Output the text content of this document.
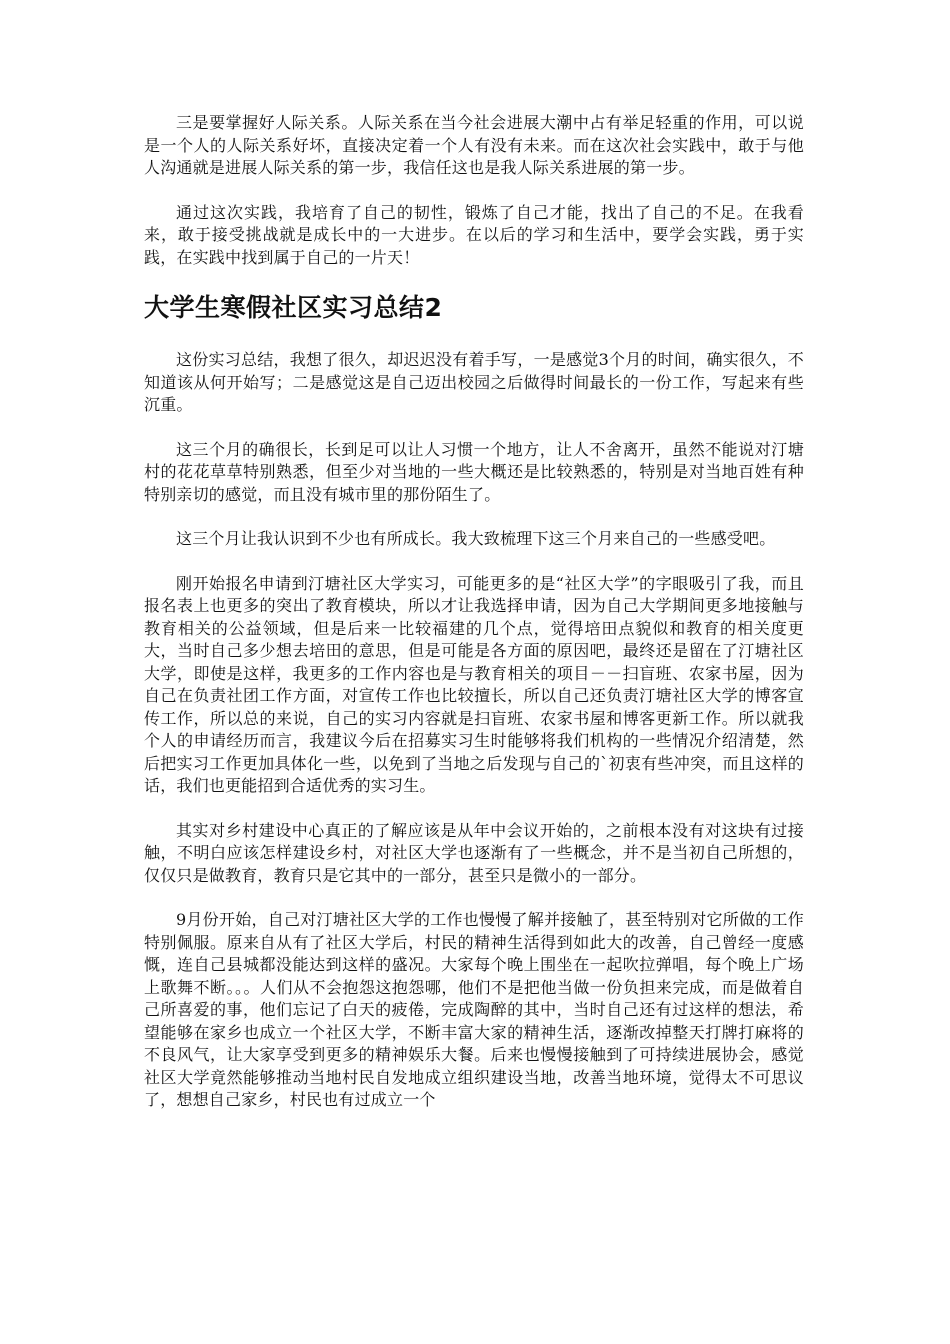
三是要掌握好人际关系。人际关系在当今社会进展大潮中占有举足轻重的作用，可以说是一个人的人际关系好坏，直接决定着一个人有没有未来。而在这次社会实践中，敢于与他人沟通就是进展人际关系的第一步，我信任这也是我人际关系进展的第一步。

通过这次实践，我培育了自己的韧性，锻炼了自己才能，找出了自己的不足。在我看来，敢于接受挑战就是成长中的一大进步。在以后的学习和生活中，要学会实践，勇于实践，在实践中找到属于自己的一片天！

大学生寒假社区实习总结2

这份实习总结，我想了很久，却迟迟没有着手写，一是感觉3个月的时间，确实很久，不知道该从何开始写；二是感觉这是自己迈出校园之后做得时间最长的一份工作，写起来有些沉重。

这三个月的确很长，长到足可以让人习惯一个地方，让人不舍离开，虽然不能说对汀塘村的花花草草特别熟悉，但至少对当地的一些大概还是比较熟悉的，特别是对当地百姓有种特别亲切的感觉，而且没有城市里的那份陌生了。

这三个月让我认识到不少也有所成长。我大致梳理下这三个月来自己的一些感受吧。

刚开始报名申请到汀塘社区大学实习，可能更多的是“社区大学”的字眼吸引了我，而且报名表上也更多的突出了教育模块，所以才让我选择申请，因为自己大学期间更多地接触与教育相关的公益领域，但是后来一比较福建的几个点，觉得培田点貌似和教育的相关度更大，当时自己多少想去培田的意思，但是可能是各方面的原因吧，最终还是留在了汀塘社区大学，即使是这样，我更多的工作内容也是与教育相关的项目－－扫盲班、农家书屋，因为自己在负责社团工作方面，对宣传工作也比较擅长，所以自己还负责汀塘社区大学的博客宣传工作，所以总的来说，自己的实习内容就是扫盲班、农家书屋和博客更新工作。所以就我个人的申请经历而言，我建议今后在招募实习生时能够将我们机构的一些情况介绍清楚，然后把实习工作更加具体化一些，以免到了当地之后发现与自己的`初衷有些冲突，而且这样的话，我们也更能招到合适优秀的实习生。

其实对乡村建设中心真正的了解应该是从年中会议开始的，之前根本没有对这块有过接触，不明白应该怎样建设乡村，对社区大学也逐渐有了一些概念，并不是当初自己所想的，仅仅只是做教育，教育只是它其中的一部分，甚至只是微小的一部分。

9月份开始，自己对汀塘社区大学的工作也慢慢了解并接触了，甚至特别对它所做的工作特别佩服。原来自从有了社区大学后，村民的精神生活得到如此大的改善，自己曾经一度感慨，连自己县城都没能达到这样的盛况。大家每个晚上围坐在一起吹拉弹唱，每个晚上广场上歌舞不断。。。人们从不会抱怨这抱怨哪，他们不是把他当做一份负担来完成，而是做着自己所喜爱的事，他们忘记了白天的疲倦，完成陶醉的其中，当时自己还有过这样的想法，希望能够在家乡也成立一个社区大学，不断丰富大家的精神生活，逐渐改掉整天打牌打麻将的不良风气，让大家享受到更多的精神娱乐大餐。后来也慢慢接触到了可持续进展协会，感觉社区大学竟然能够推动当地村民自发地成立组织建设当地，改善当地环境，觉得太不可思议了，想想自己家乡，村民也有过成立一个
